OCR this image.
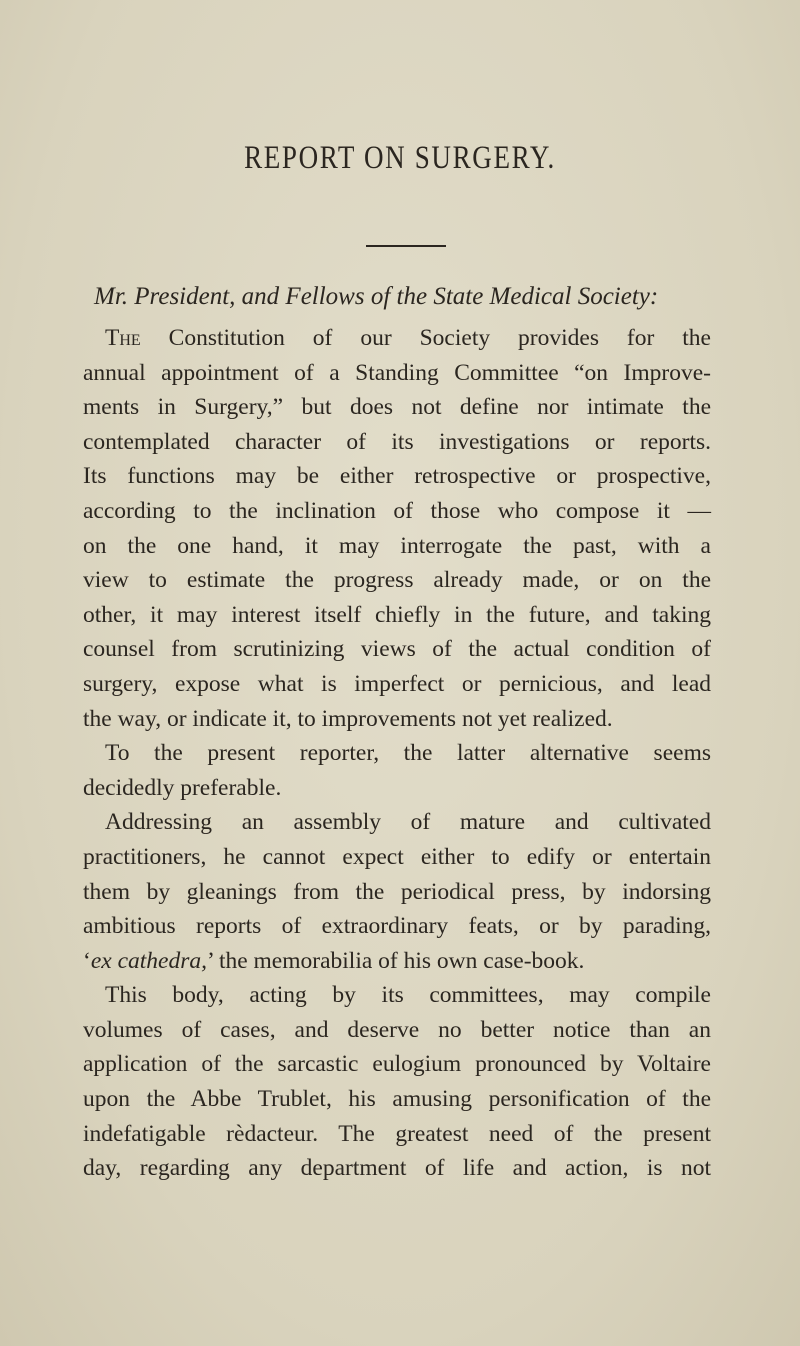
REPORT ON SURGERY.
Mr. President, and Fellows of the State Medical Society:
The Constitution of our Society provides for the
annual appointment of a Standing Committee “on Improve-
ments in Surgery,” but does not define nor intimate the
contemplated character of its investigations or reports.
Its functions may be either retrospective or prospective,
according to the inclination of those who compose it —
on the one hand, it may interrogate the past, with a
view to estimate the progress already made, or on the
other, it may interest itself chiefly in the future, and taking
counsel from scrutinizing views of the actual condition of
surgery, expose what is imperfect or pernicious, and lead
the way, or indicate it, to improvements not yet realized.
To the present reporter, the latter alternative seems
decidedly preferable.
Addressing an assembly of mature and cultivated
practitioners, he cannot expect either to edify or entertain
them by gleanings from the periodical press, by indorsing
ambitious reports of extraordinary feats, or by parading,
‘ex cathedra,’ the memorabilia of his own case-book.
This body, acting by its committees, may compile
volumes of cases, and deserve no better notice than an
application of the sarcastic eulogium pronounced by Voltaire
upon the Abbe Trublet, his amusing personification of the
indefatigable rèdacteur. The greatest need of the present
day, regarding any department of life and action, is not
